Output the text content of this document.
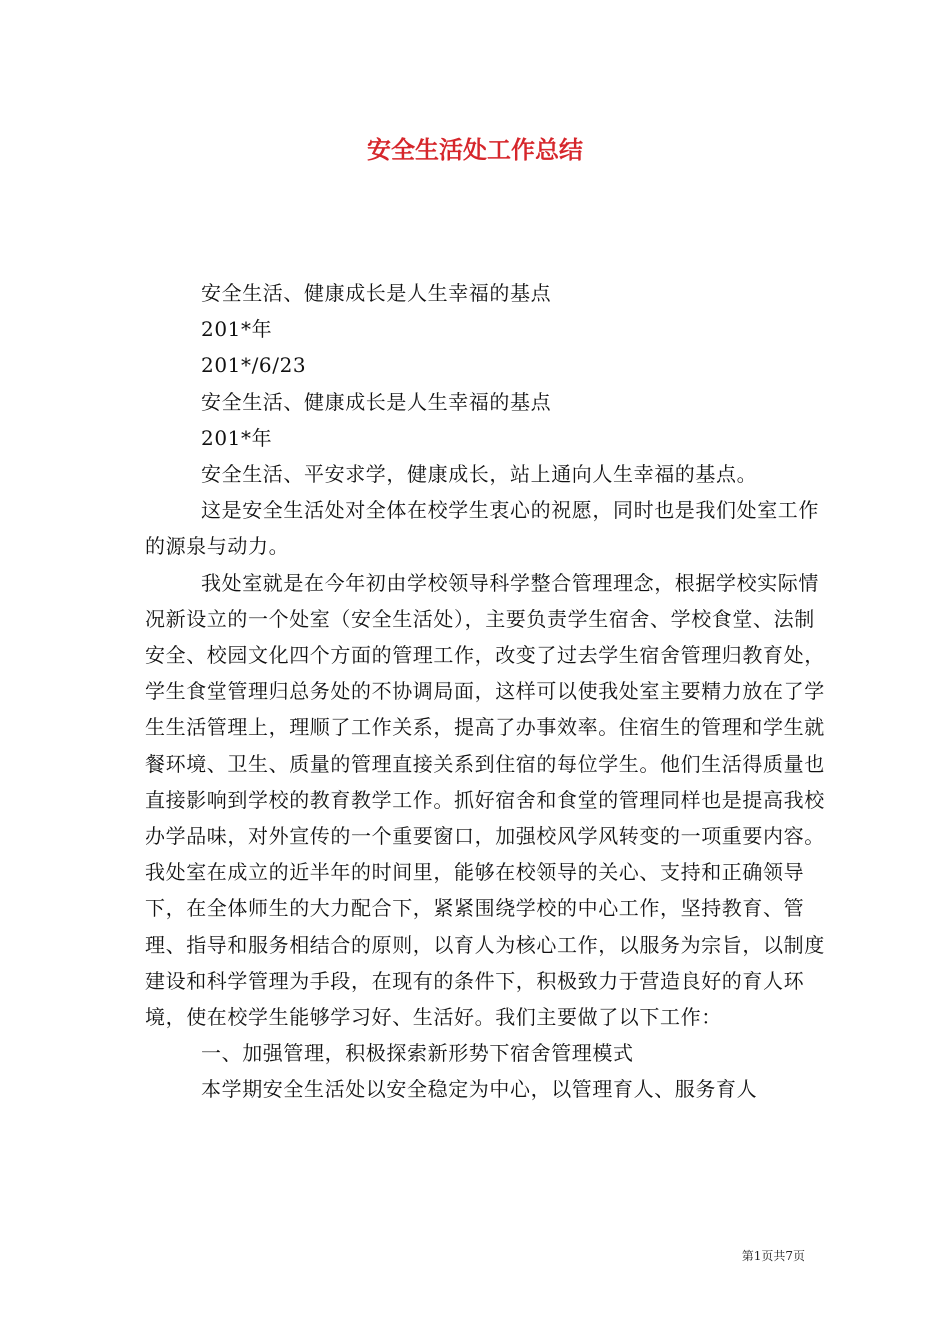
安全生活处工作总结

安全生活、健康成长是人生幸福的基点

201*年

201*/6/23

安全生活、健康成长是人生幸福的基点

201*年

安全生活、平安求学，健康成长，站上通向人生幸福的基点。

这是安全生活处对全体在校学生衷心的祝愿，同时也是我们处室工作的源泉与动力。

我处室就是在今年初由学校领导科学整合管理理念，根据学校实际情况新设立的一个处室（安全生活处），主要负责学生宿舍、学校食堂、法制安全、校园文化四个方面的管理工作，改变了过去学生宿舍管理归教育处，学生食堂管理归总务处的不协调局面，这样可以使我处室主要精力放在了学生生活管理上，理顺了工作关系，提高了办事效率。住宿生的管理和学生就餐环境、卫生、质量的管理直接关系到住宿的每位学生。他们生活得质量也直接影响到学校的教育教学工作。抓好宿舍和食堂的管理同样也是提高我校办学品味，对外宣传的一个重要窗口，加强校风学风转变的一项重要内容。我处室在成立的近半年的时间里，能够在校领导的关心、支持和正确领导下，在全体师生的大力配合下，紧紧围绕学校的中心工作，坚持教育、管理、指导和服务相结合的原则，以育人为核心工作，以服务为宗旨，以制度建设和科学管理为手段，在现有的条件下，积极致力于营造良好的育人环境，使在校学生能够学习好、生活好。我们主要做了以下工作：

一、加强管理，积极探索新形势下宿舍管理模式

本学期安全生活处以安全稳定为中心，以管理育人、服务育人

第1页共7页
